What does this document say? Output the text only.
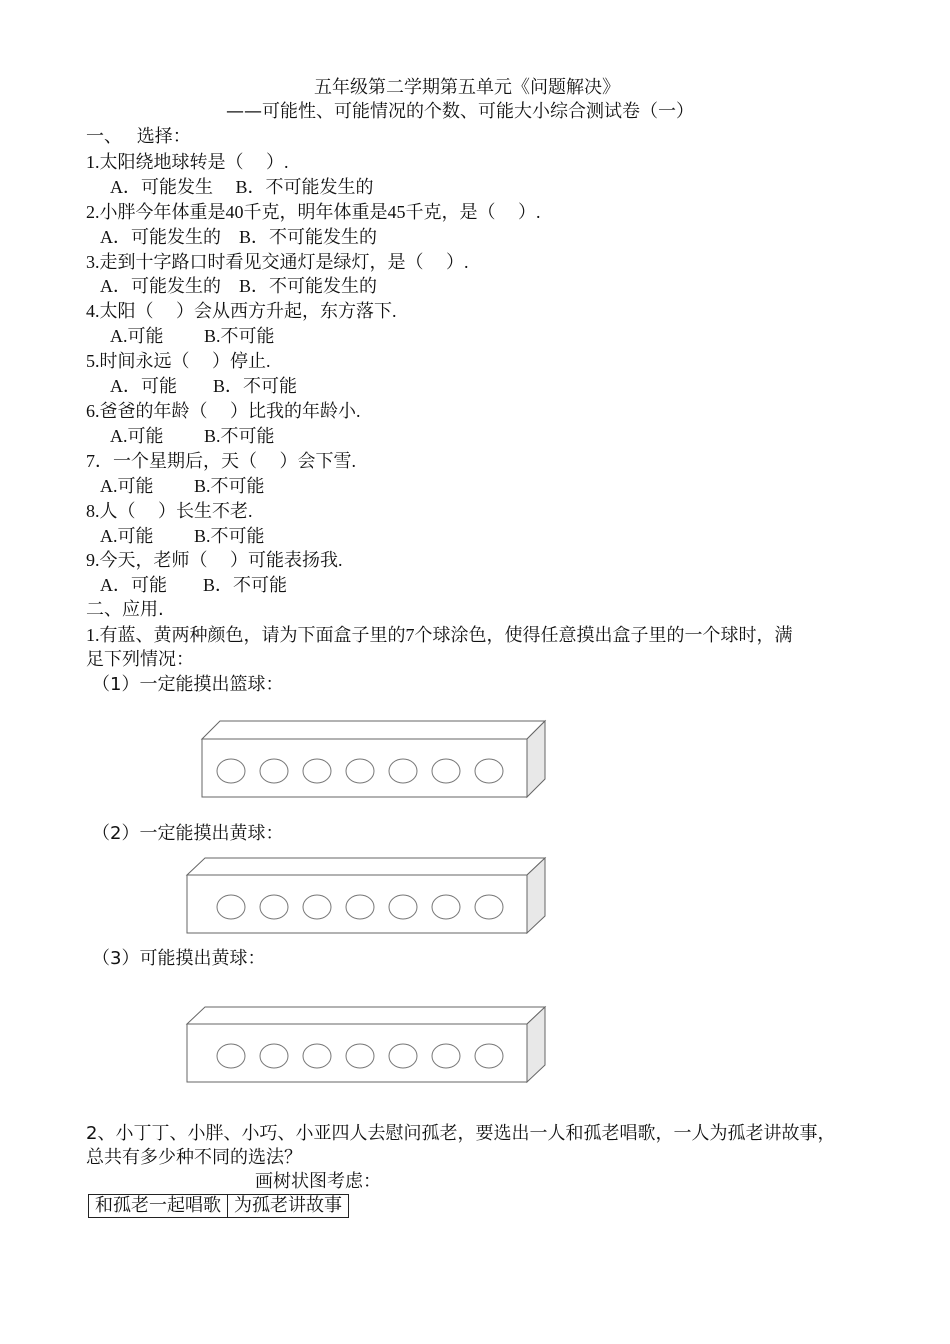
五年级第二学期第五单元《问题解决》
——可能性、可能情况的个数、可能大小综合测试卷（一）
一、　 选择：
1.太阳绕地球转是（　 ）.
A．可能发生　 B．不可能发生的
2.小胖今年体重是40千克，明年体重是45千克，是（　 ）.
A．可能发生的　B．不可能发生的
3.走到十字路口时看见交通灯是绿灯，是（　 ）.
A．可能发生的　B．不可能发生的
4.太阳（　 ）会从西方升起，东方落下.
A.可能　　 B.不可能
5.时间永远（　 ）停止.
A．可能　　B．不可能
6.爸爸的年龄（　 ）比我的年龄小.
A.可能　　 B.不可能
7．一个星期后，天（　 ）会下雪.
A.可能　　 B.不可能
8.人（　 ）长生不老.
A.可能　　 B.不可能
9.今天，老师（　 ）可能表扬我.
A．可能　　B．不可能
二、应用.
1.有蓝、黄两种颜色，请为下面盒子里的7个球涂色，使得任意摸出盒子里的一个球时，满
足下列情况：
（1）一定能摸出篮球：
（2）一定能摸出黄球：
（3）可能摸出黄球：
2、小丁丁、小胖、小巧、小亚四人去慰问孤老，要选出一人和孤老唱歌，一人为孤老讲故事，
总共有多少种不同的选法？
画树状图考虑：
和孤老一起唱歌	为孤老讲故事
